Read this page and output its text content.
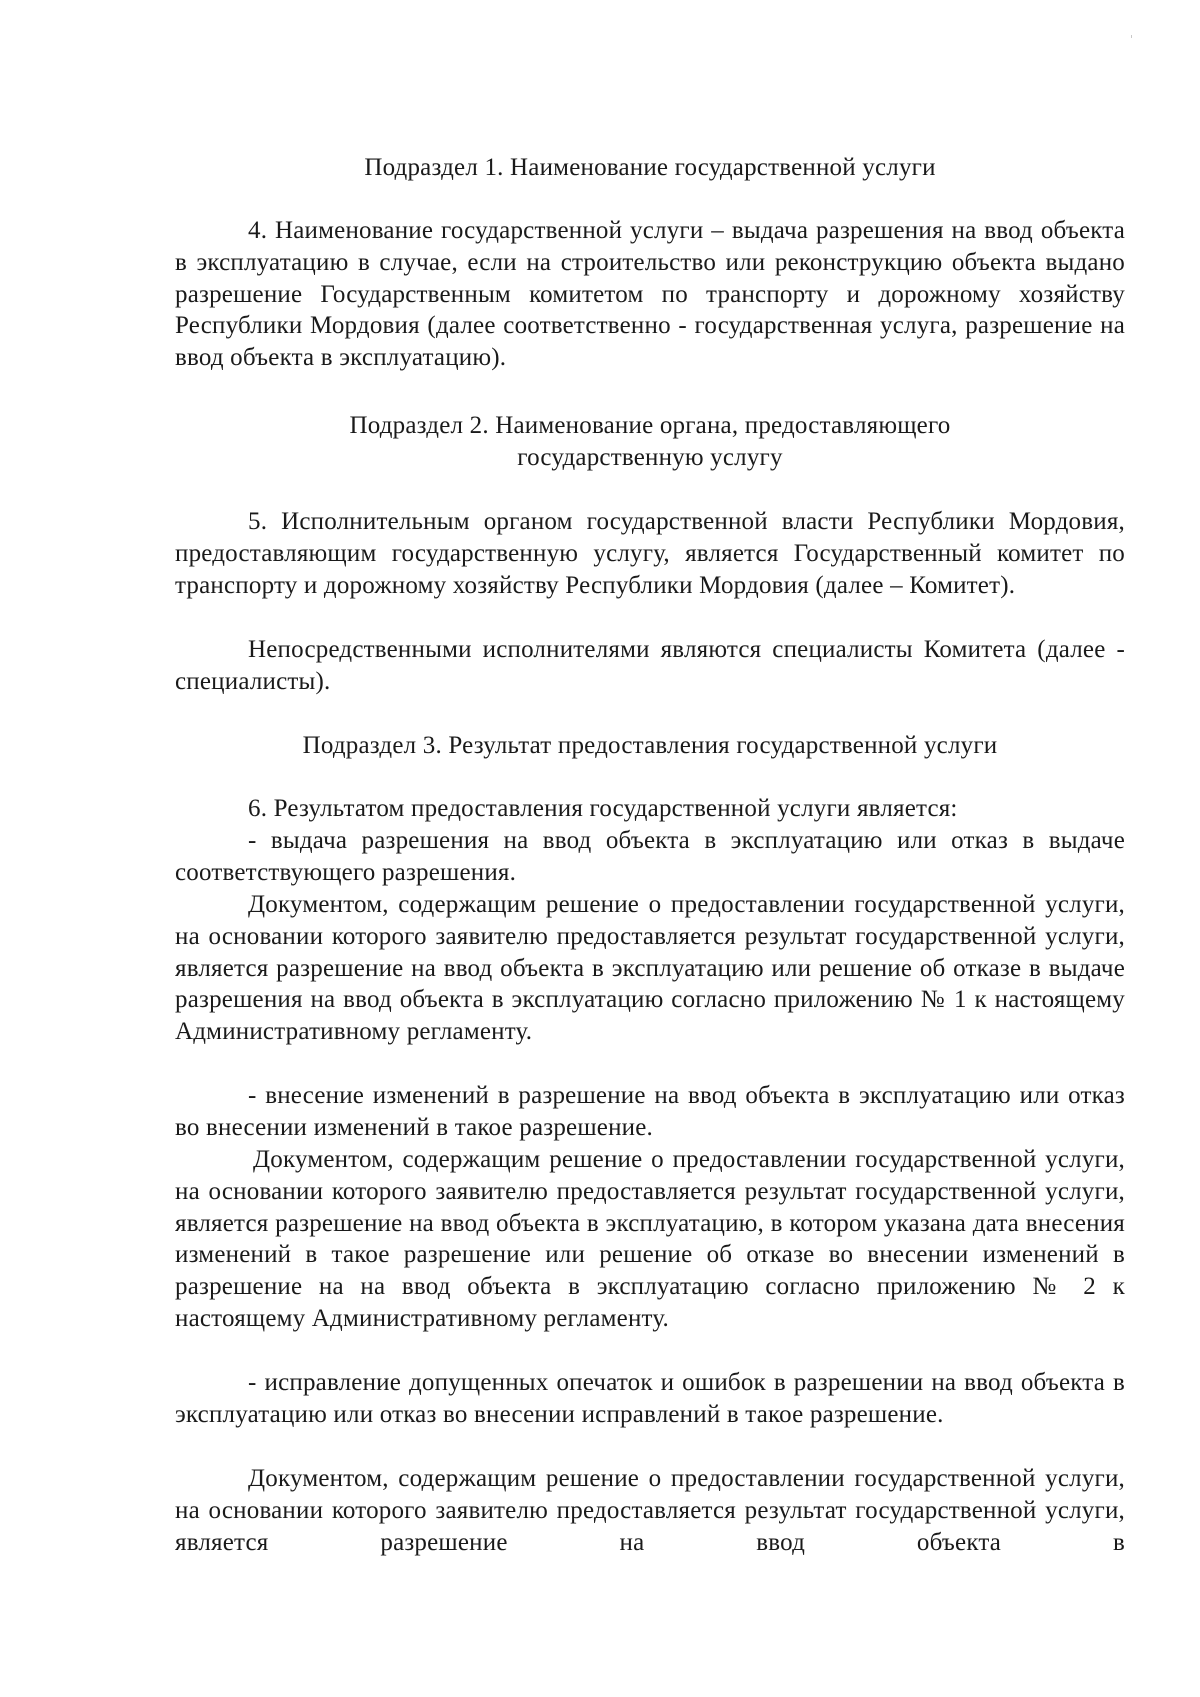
Подраздел 1. Наименование государственной услуги
4. Наименование государственной услуги – выдача разрешения на ввод объекта в эксплуатацию в случае, если на строительство или реконструкцию объекта выдано разрешение Государственным комитетом по транспорту и дорожному хозяйству Республики Мордовия (далее соответственно - государственная услуга, разрешение на ввод объекта в эксплуатацию).
Подраздел 2. Наименование органа, предоставляющего
государственную услугу
5. Исполнительным органом государственной власти Республики Мордовия, предоставляющим государственную услугу, является Государственный комитет по транспорту и дорожному хозяйству Республики Мордовия (далее – Комитет).
Непосредственными исполнителями являются специалисты Комитета (далее - специалисты).
Подраздел 3. Результат предоставления государственной услуги
6. Результатом предоставления государственной услуги является:
- выдача разрешения на ввод объекта в эксплуатацию или отказ в выдаче соответствующего разрешения.
Документом, содержащим решение о предоставлении государственной услуги, на основании которого заявителю предоставляется результат государственной услуги, является разрешение на ввод объекта в эксплуатацию или решение об отказе в выдаче разрешения на ввод объекта в эксплуатацию согласно приложению № 1 к настоящему Административному регламенту.
- внесение изменений в разрешение на ввод объекта в эксплуатацию или отказ во внесении изменений в такое разрешение.
Документом, содержащим решение о предоставлении государственной услуги, на основании которого заявителю предоставляется результат государственной услуги, является разрешение на ввод объекта в эксплуатацию, в котором указана дата внесения изменений в такое разрешение или решение об отказе во внесении изменений в разрешение на на ввод объекта в эксплуатацию согласно приложению № 2 к настоящему Административному регламенту.
- исправление допущенных опечаток и ошибок в разрешении на ввод объекта в эксплуатацию или отказ во внесении исправлений в такое разрешение.
Документом, содержащим решение о предоставлении государственной услуги, на основании которого заявителю предоставляется результат государственной услуги, является разрешение на ввод объекта в
